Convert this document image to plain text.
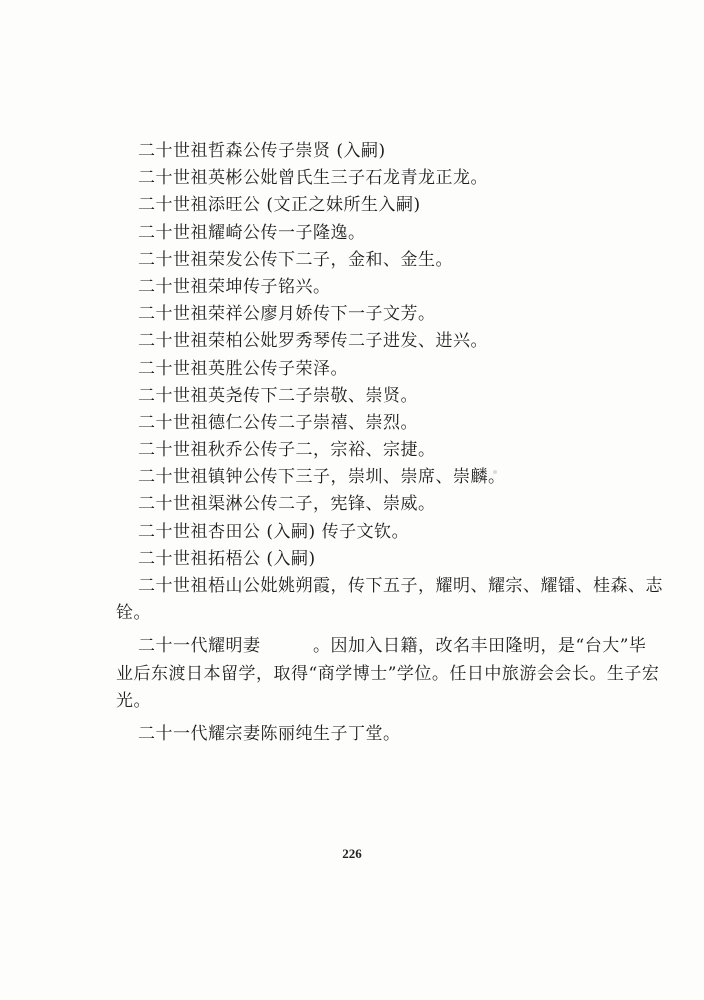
二十世祖哲森公传子崇贤 (入嗣)
二十世祖英彬公妣曾氏生三子石龙青龙正龙。
二十世祖添旺公 (文正之妹所生入嗣)
二十世祖耀崎公传一子隆逸。
二十世祖荣发公传下二子，金和、金生。
二十世祖荣坤传子铭兴。
二十世祖荣祥公廖月娇传下一子文芳。
二十世祖荣柏公妣罗秀琴传二子进发、进兴。
二十世祖英胜公传子荣泽。
二十世祖英尧传下二子崇敬、崇贤。
二十世祖德仁公传二子崇禧、崇烈。
二十世祖秋乔公传子二，宗裕、宗捷。
二十世祖镇钟公传下三子，崇圳、崇席、崇麟。
二十世祖渠淋公传二子，宪锋、崇威。
二十世祖杏田公 (入嗣) 传子文钦。
二十世祖拓梧公 (入嗣)
二十世祖梧山公妣姚朔霞，传下五子，耀明、耀宗、耀镭、桂森、志
铨。
二十一代耀明妻　　　。因加入日籍，改名丰田隆明，是“台大”毕
业后东渡日本留学，取得“商学博士”学位。任日中旅游会会长。生子宏
光。
二十一代耀宗妻陈丽纯生子丁堂。
226
